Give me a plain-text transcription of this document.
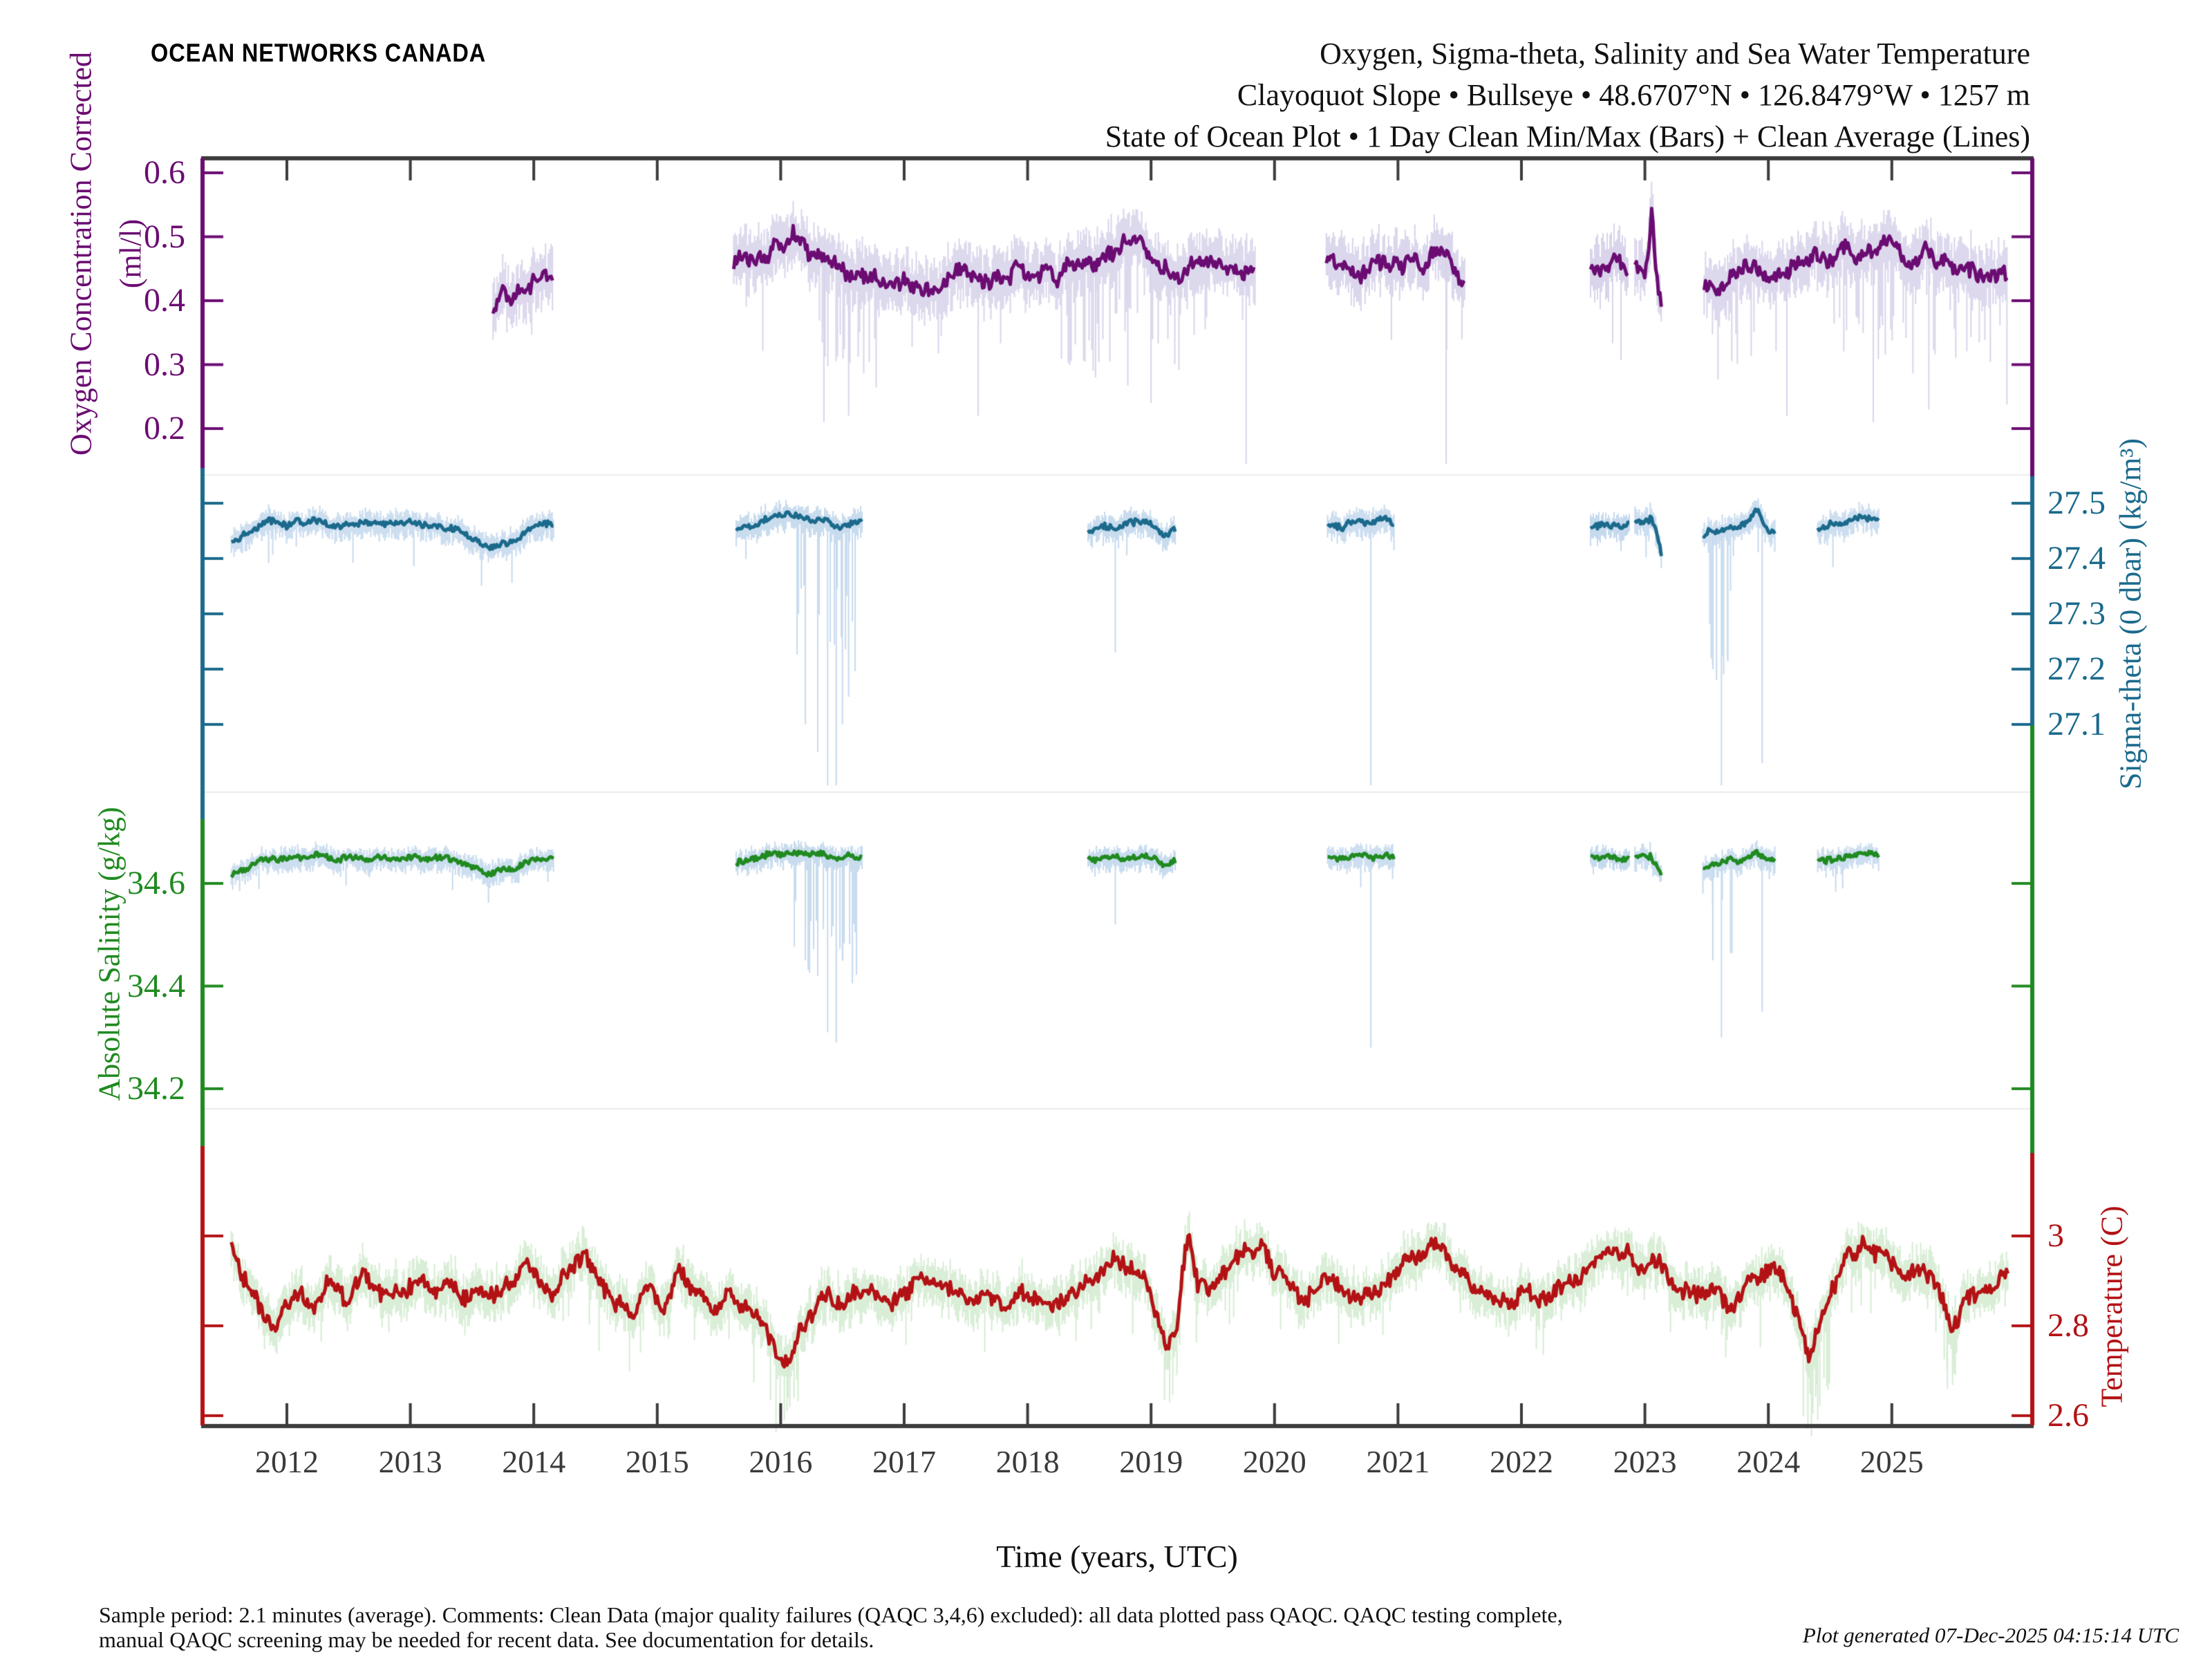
OCEAN NETWORKS CANADA	Oxygen, Sigma-theta, Salinity and Sea Water Temperature
Clayoquot Slope • Bullseye • 48.6707°N • 126.8479°W • 1257 m
State of Ocean Plot • 1 Day Clean Min/Max (Bars) + Clean Average (Lines)
Oxygen Concentration Corrected (ml/l)
Sigma-theta (0 dbar) (kg/m³)
Absolute Salinity (g/kg)
Temperature (C)
Time (years, UTC)
0.6
0.5
0.4
0.3
0.2
27.5
27.4
27.3
27.2
27.1
34.6
34.4
34.2
3
2.8
2.6
2012 2013 2014 2015 2016 2017 2018 2019 2020 2021 2022 2023 2024 2025
Sample period: 2.1 minutes (average). Comments: Clean Data (major quality failures (QAQC 3,4,6) excluded): all data plotted pass QAQC. QAQC testing complete,
manual QAQC screening may be needed for recent data. See documentation for details.	Plot generated 07-Dec-2025 04:15:14 UTC
